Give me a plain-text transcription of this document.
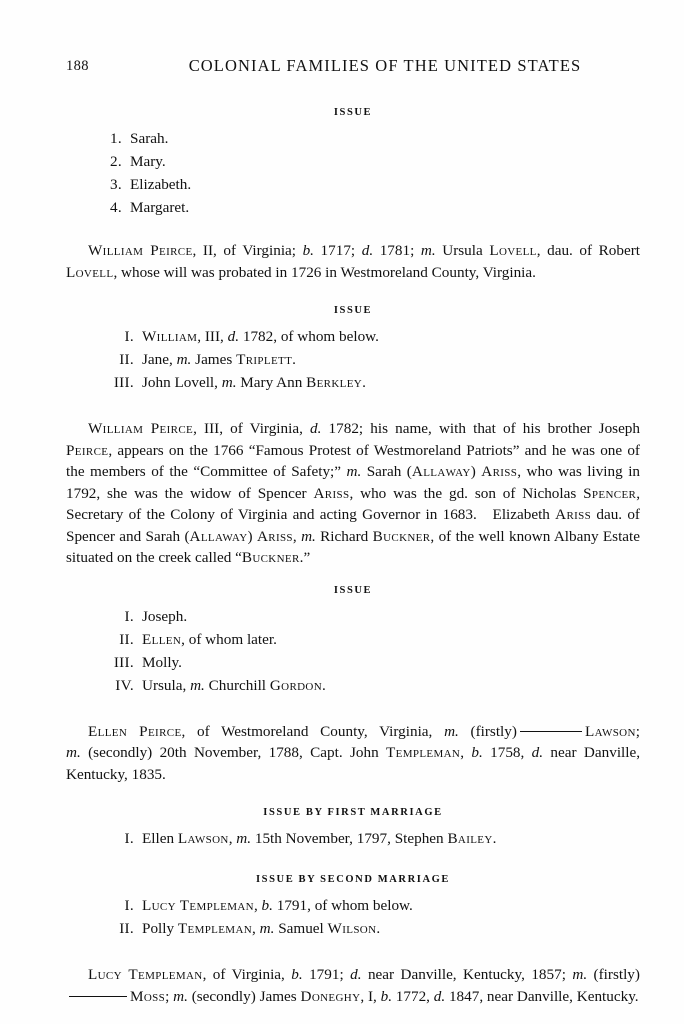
188	COLONIAL FAMILIES OF THE UNITED STATES
ISSUE
1. Sarah.
2. Mary.
3. Elizabeth.
4. Margaret.

William Peirce, II, of Virginia; b. 1717; d. 1781; m. Ursula Lovell, dau. of Robert Lovell, whose will was probated in 1726 in Westmoreland County, Virginia.

ISSUE
I. William, III, d. 1782, of whom below.
II. Jane, m. James Triplett.
III. John Lovell, m. Mary Ann Berkley.

William Peirce, III, of Virginia, d. 1782; his name, with that of his brother Joseph Peirce, appears on the 1766 “Famous Protest of Westmoreland Patriots” and he was one of the members of the “Committee of Safety;” m. Sarah (Allaway) Ariss, who was living in 1792, she was the widow of Spencer Ariss, who was the gd. son of Nicholas Spencer, Secretary of the Colony of Virginia and acting Governor in 1683.   Elizabeth Ariss dau. of Spencer and Sarah (Allaway) Ariss, m. Richard Buckner, of the well known Albany Estate situated on the creek called “Buckner.”

ISSUE
I. Joseph.
II. Ellen, of whom later.
III. Molly.
IV. Ursula, m. Churchill Gordon.

Ellen Peirce, of Westmoreland County, Virginia, m. (firstly)	Lawson; m. (secondly) 20th November, 1788, Capt. John Templeman, b. 1758, d. near Danville, Kentucky, 1835.

ISSUE BY FIRST MARRIAGE
I. Ellen Lawson, m. 15th November, 1797, Stephen Bailey.
ISSUE BY SECOND MARRIAGE
I. Lucy Templeman, b. 1791, of whom below.
II. Polly Templeman, m. Samuel Wilson.

Lucy Templeman, of Virginia, b. 1791; d. near Danville, Kentucky, 1857; m. (firstly)Moss; m. (secondly) James Doneghy, I, b. 1772, d. 1847, near Danville, Kentucky.
